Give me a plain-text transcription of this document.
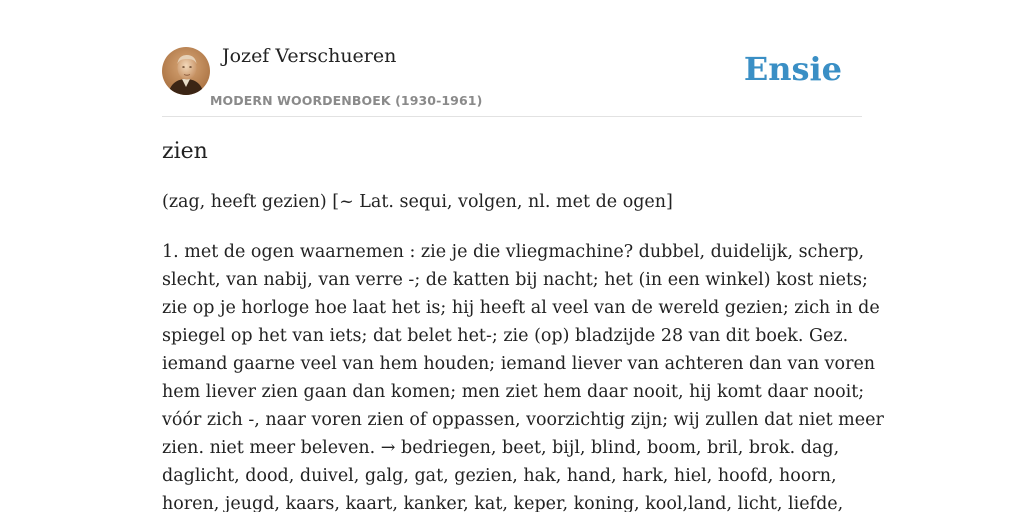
Jozef Verschueren
MODERN WOORDENBOEK (1930-1961)
Ensie
zien

(zag, heeft gezien) [~ Lat. sequi, volgen, nl. met de ogen]

1. met de ogen waarnemen : zie je die vliegmachine? dubbel, duidelijk, scherp,
slecht, van nabij, van verre -; de katten bij nacht; het (in een winkel) kost niets;
zie op je horloge hoe laat het is; hij heeft al veel van de wereld gezien; zich in de
spiegel op het van iets; dat belet het-; zie (op) bladzijde 28 van dit boek. Gez.
iemand gaarne veel van hem houden; iemand liever van achteren dan van voren
hem liever zien gaan dan komen; men ziet hem daar nooit, hij komt daar nooit;
vóór zich -, naar voren zien of oppassen, voorzichtig zijn; wij zullen dat niet meer
zien. niet meer beleven. → bedriegen, beet, bijl, blind, boom, bril, brok. dag,
daglicht, dood, duivel, galg, gat, gezien, hak, hand, hark, hiel, hoofd, hoorn,
horen, jeugd, kaars, kaart, kanker, kat, keper, koning, kool,land, licht, liefde,
